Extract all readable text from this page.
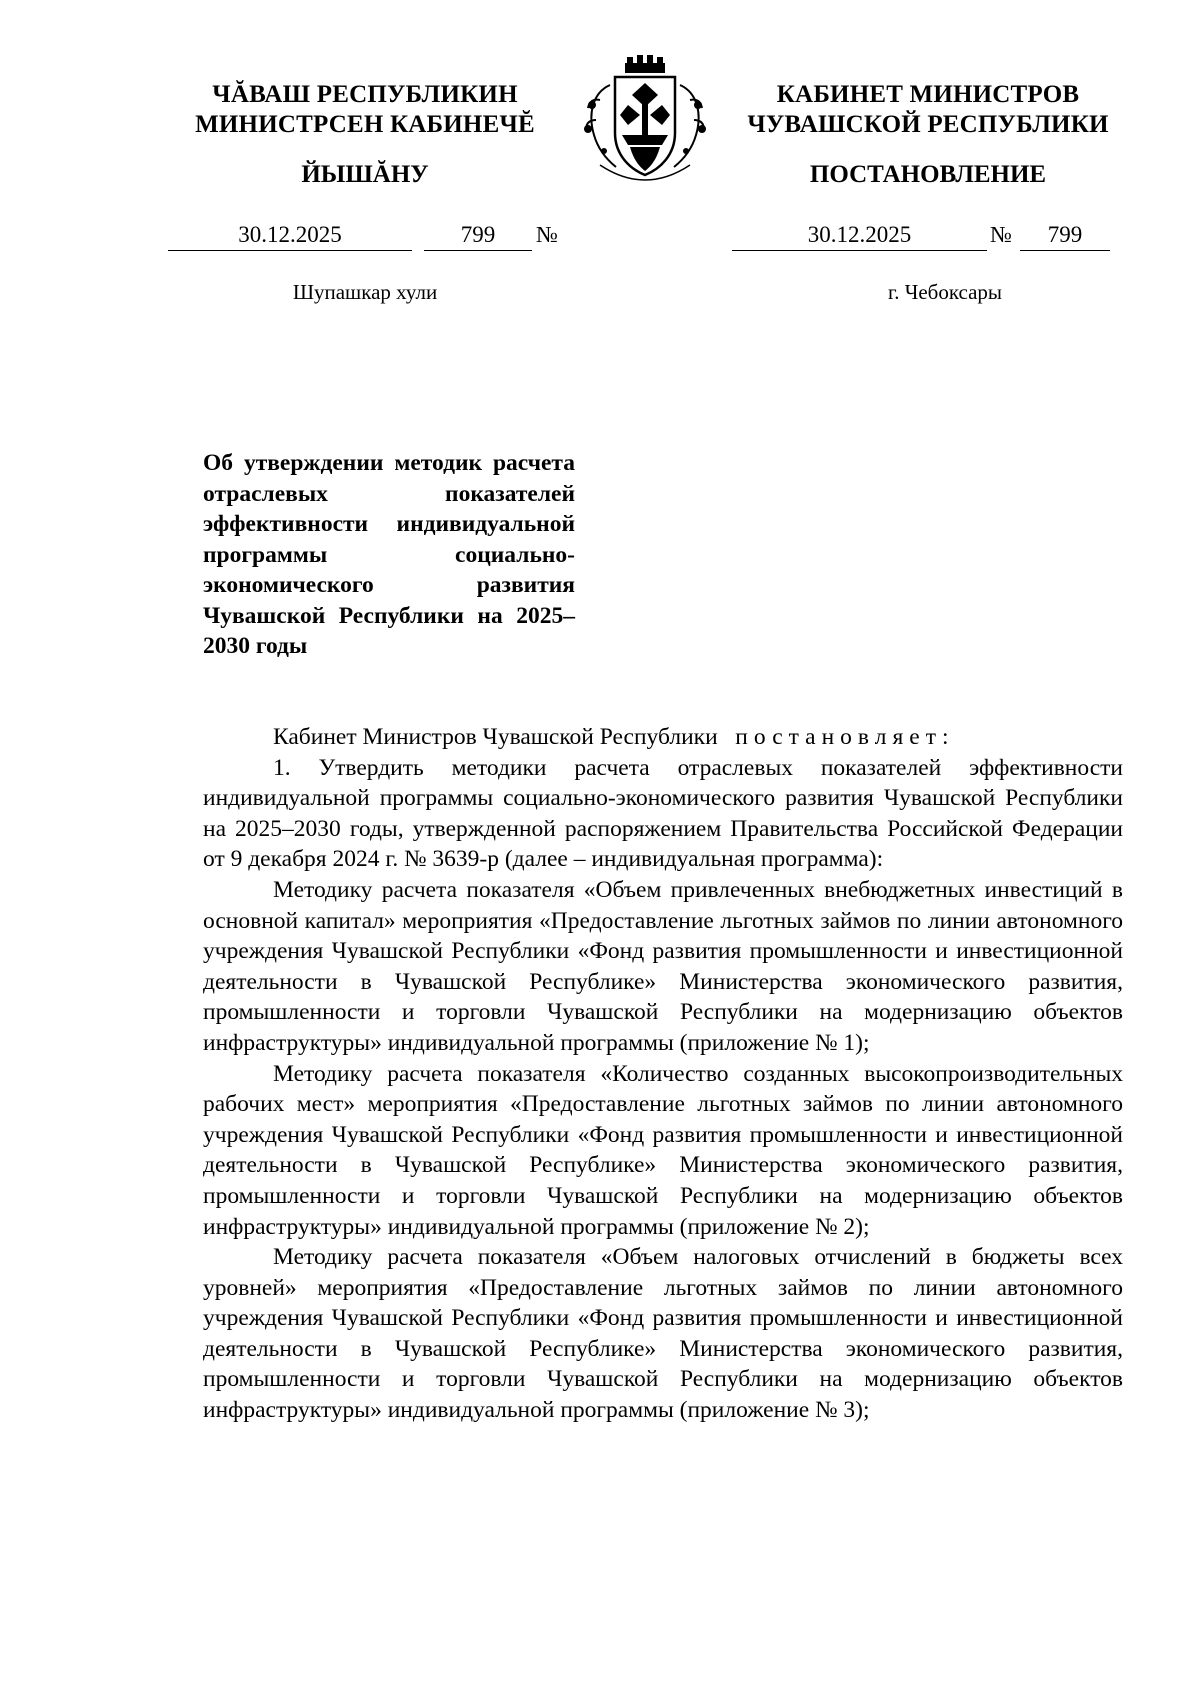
ЧĂВАШ РЕСПУБЛИКИН
МИНИСТРСЕН КАБИНЕЧĔ
ЙЫШĂНУ
30.12.2025	799	№
Шупашкар хули
КАБИНЕТ МИНИСТРОВ
ЧУВАШСКОЙ РЕСПУБЛИКИ
ПОСТАНОВЛЕНИЕ
30.12.2025	№	799
г. Чебоксары
Об утверждении методик расчета отраслевых показателей эффективности индивидуальной программы социально-экономического развития Чувашской Республики на 2025–2030 годы

Кабинет Министров Чувашской Республики постановляет:

1. Утвердить методики расчета отраслевых показателей эффективности индивидуальной программы социально-экономического развития Чувашской Республики на 2025–2030 годы, утвержденной распоряжением Правительства Российской Федерации от 9 декабря 2024 г. № 3639-р (далее – индивидуальная программа):

Методику расчета показателя «Объем привлеченных внебюджетных инвестиций в основной капитал» мероприятия «Предоставление льготных займов по линии автономного учреждения Чувашской Республики «Фонд развития промышленности и инвестиционной деятельности в Чувашской Республике» Министерства экономического развития, промышленности и торговли Чувашской Республики на модернизацию объектов инфраструктуры» индивидуальной программы (приложение № 1);

Методику расчета показателя «Количество созданных высокопроизводительных рабочих мест» мероприятия «Предоставление льготных займов по линии автономного учреждения Чувашской Республики «Фонд развития промышленности и инвестиционной деятельности в Чувашской Республике» Министерства экономического развития, промышленности и торговли Чувашской Республики на модернизацию объектов инфраструктуры» индивидуальной программы (приложение № 2);

Методику расчета показателя «Объем налоговых отчислений в бюджеты всех уровней» мероприятия «Предоставление льготных займов по линии автономного учреждения Чувашской Республики «Фонд развития промышленности и инвестиционной деятельности в Чувашской Республике» Министерства экономического развития, промышленности и торговли Чувашской Республики на модернизацию объектов инфраструктуры» индивидуальной программы (приложение № 3);
